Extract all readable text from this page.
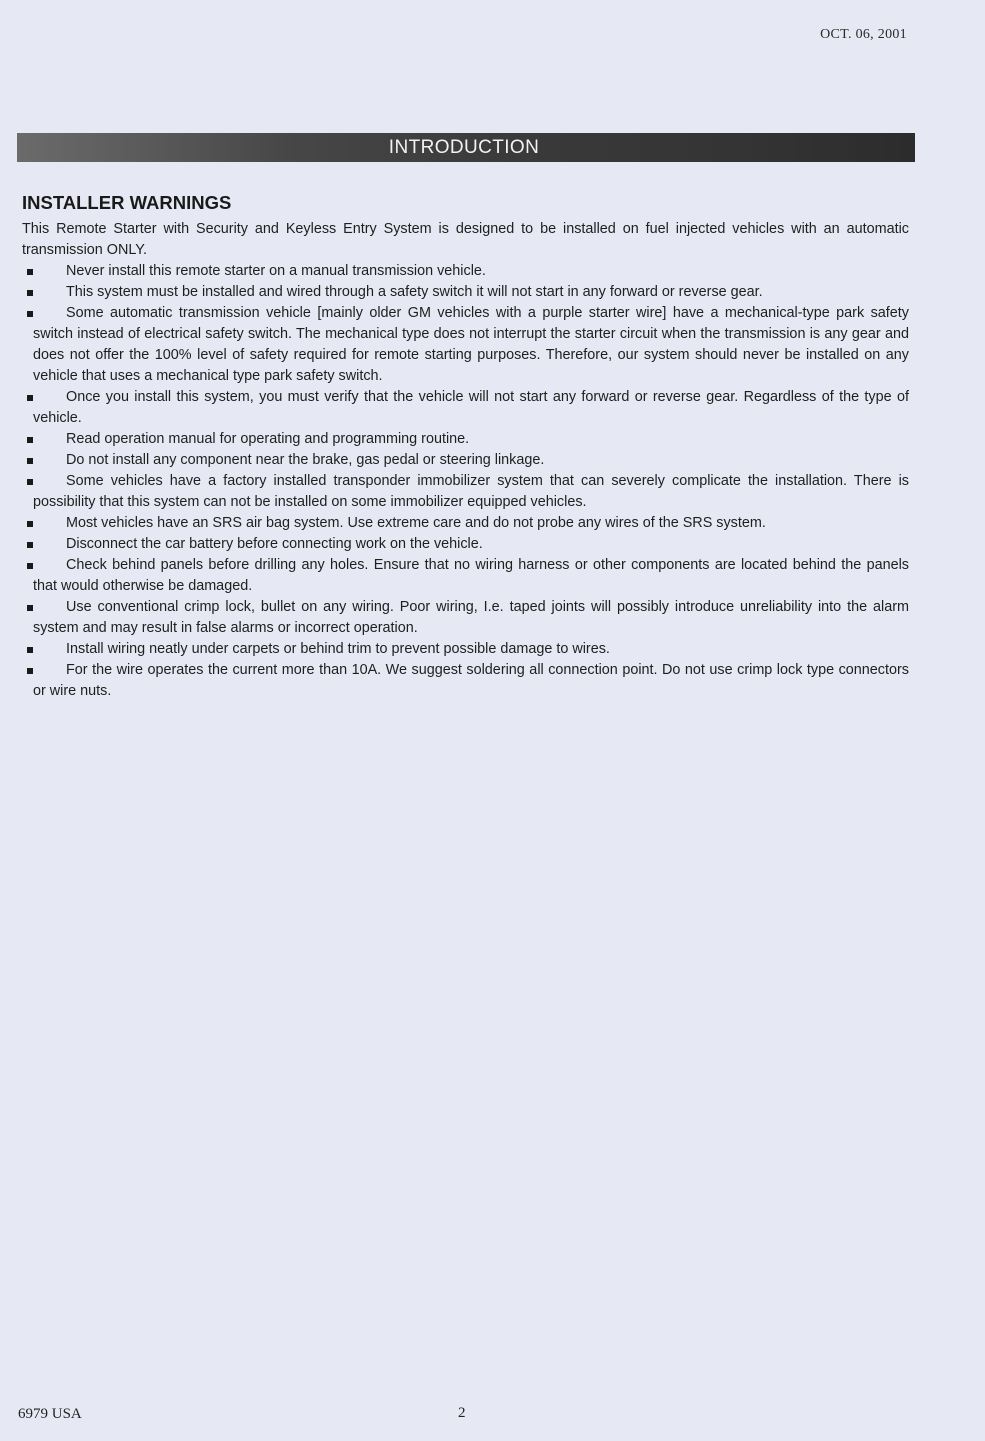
OCT. 06, 2001
INTRODUCTION
INSTALLER WARNINGS

This Remote Starter with Security and Keyless Entry System is designed to be installed on fuel injected vehicles with an automatic transmission ONLY.

Never install this remote starter on a manual transmission vehicle.
This system must be installed and wired through a safety switch it will not start in any forward or reverse gear.
Some automatic transmission vehicle [mainly older GM vehicles with a purple starter wire] have a mechanical-type park safety switch instead of electrical safety switch. The mechanical type does not interrupt the starter circuit when the transmission is any gear and does not offer the 100% level of safety required for remote starting purposes. Therefore, our system should never be installed on any vehicle that uses a mechanical type park safety switch.
Once you install this system, you must verify that the vehicle will not start any forward or reverse gear. Regardless of the type of vehicle.
Read operation manual for operating and programming routine.
Do not install any component near the brake, gas pedal or steering linkage.
Some vehicles have a factory installed transponder immobilizer system that can severely complicate the installation. There is possibility that this system can not be installed on some immobilizer equipped vehicles.
Most vehicles have an SRS air bag system. Use extreme care and do not probe any wires of the SRS system.
Disconnect the car battery before connecting work on the vehicle.
Check behind panels before drilling any holes. Ensure that no wiring harness or other components are located behind the panels that would otherwise be damaged.
Use conventional crimp lock, bullet on any wiring. Poor wiring, I.e. taped joints will possibly introduce unreliability into the alarm system and may result in false alarms or incorrect operation.
Install wiring neatly under carpets or behind trim to prevent possible damage to wires.
For the wire operates the current more than 10A. We suggest soldering all connection point. Do not use crimp lock type connectors or wire nuts.
6979 USA	2
